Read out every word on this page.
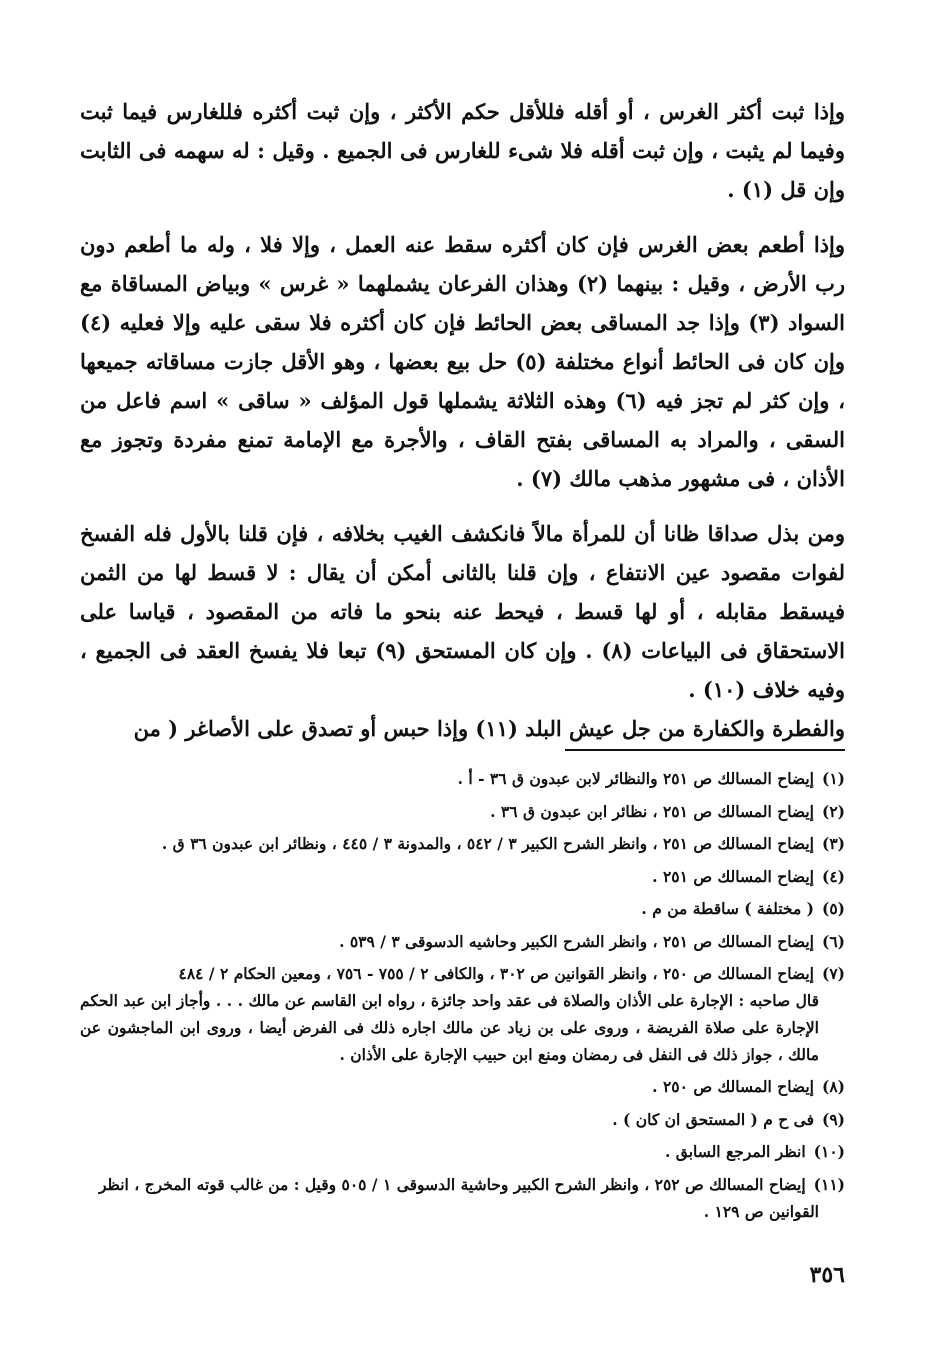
وإذا ثبت أكثر الغرس ، أو أقله فللأقل حكم الأكثر ، وإن ثبت أكثره فللغارس فيما ثبت وفيما لم يثبت ، وإن ثبت أقله فلا شىء للغارس فى الجميع . وقيل : له سهمه فى الثابت وإن قل (١) .

وإذا أطعم بعض الغرس فإن كان أكثره سقط عنه العمل ، وإلا فلا ، وله ما أطعم دون رب الأرض ، وقيل : بينهما (٢) وهذان الفرعان يشملهما « غرس » وبياض المساقاة مع السواد (٣) وإذا جد المساقى بعض الحائط فإن كان أكثره فلا سقى عليه وإلا فعليه (٤) وإن كان فى الحائط أنواع مختلفة (٥) حل بيع بعضها ، وهو الأقل جازت مساقاته جميعها ، وإن كثر لم تجز فيه (٦) وهذه الثلاثة يشملها قول المؤلف « ساقى » اسم فاعل من السقى ، والمراد به المساقى بفتح القاف ، والأجرة مع الإمامة تمنع مفردة وتجوز مع الأذان ، فى مشهور مذهب مالك (٧) .

ومن بذل صداقا ظانا أن للمرأة مالاً فانكشف الغيب بخلافه ، فإن قلنا بالأول فله الفسخ لفوات مقصود عين الانتفاع ، وإن قلنا بالثانى أمكن أن يقال : لا قسط لها من الثمن فيسقط مقابله ، أو لها قسط ، فيحط عنه بنحو ما فاته من المقصود ، قياسا على الاستحقاق فى البياعات (٨) . وإن كان المستحق (٩) تبعا فلا يفسخ العقد فى الجميع ، وفيه خلاف (١٠) .

والفطرة والكفارة من جل عيش البلد (١١) وإذا حبس أو تصدق على الأصاغر ( من

(١)إيضاح المسالك ص ٢٥١ والنظائر لابن عبدون ق ٣٦ - أ .
(٢)إيضاح المسالك ص ٢٥١ ، نظائر ابن عبدون ق ٣٦ .
(٣)إيضاح المسالك ص ٢٥١ ، وانظر الشرح الكبير ٣ / ٥٤٢ ، والمدونة ٣ / ٤٤٥ ، ونظائر ابن عبدون ٣٦ ق .
(٤)إيضاح المسالك ص ٢٥١ .
(٥)( مختلفة ) ساقطة من م .
(٦)إيضاح المسالك ص ٢٥١ ، وانظر الشرح الكبير وحاشيه الدسوقى ٣ / ٥٣٩ .
(٧)إيضاح المسالك ص ٢٥٠ ، وانظر القوانين ص ٣٠٢ ، والكافى ٢ / ٧٥٥ - ٧٥٦ ، ومعين الحكام ٢ / ٤٨٤
قال صاحبه : الإجارة على الأذان والصلاة فى عقد واحد جائزة ، رواه ابن القاسم عن مالك . . . وأجاز ابن عبد الحكم الإجارة على صلاة الفريضة ، وروى على بن زياد عن مالك اجاره ذلك فى الفرض أيضا ، وروى ابن الماجشون عن مالك ، جواز ذلك فى النفل فى رمضان ومنع ابن حبيب الإجارة على الأذان .
(٨)إيضاح المسالك ص ٢٥٠ .
(٩)فى ح م ( المستحق ان كان ) .
(١٠)انظر المرجع السابق .
(١١)إيضاح المسالك ص ٢٥٢ ، وانظر الشرح الكبير وحاشية الدسوقى ١ / ٥٠٥ وقيل : من غالب قوته المخرج ، انظر
القوانين ص ١٢٩ .
٣٥٦
